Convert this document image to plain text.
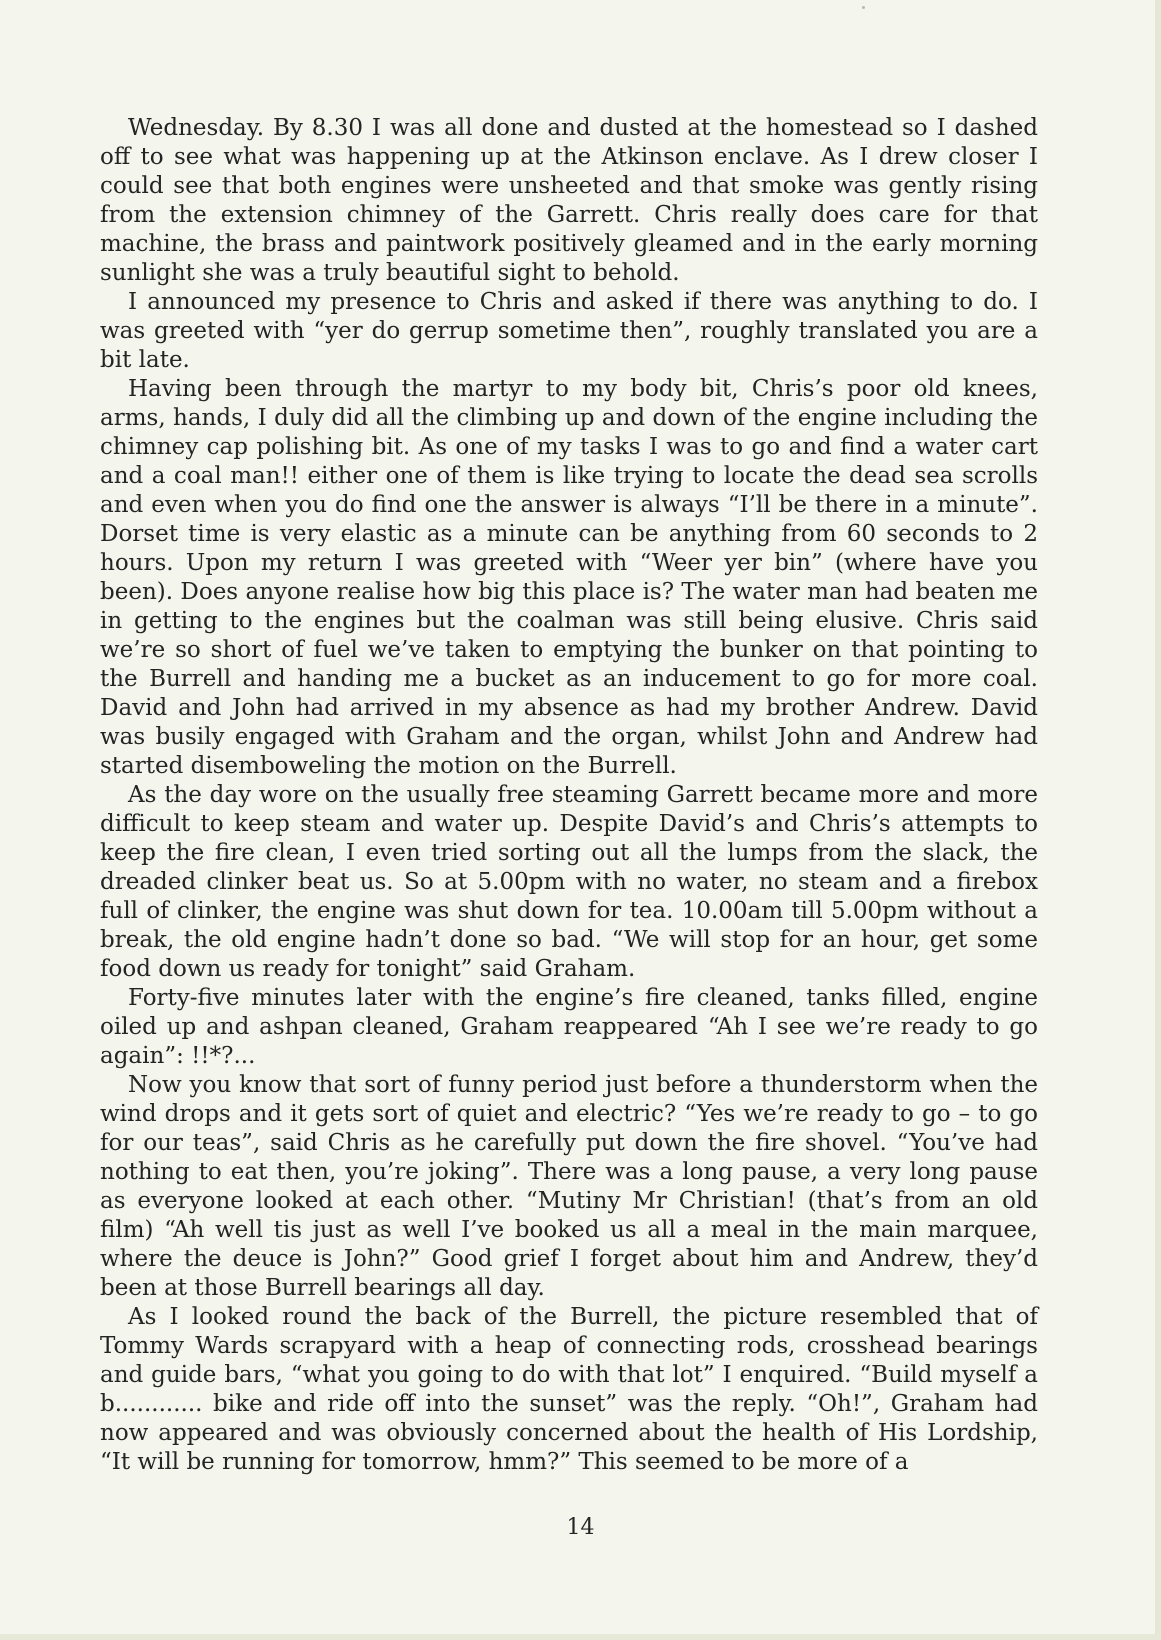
Wednesday. By 8.30 I was all done and dusted at the homestead so I dashed off to see what was happening up at the Atkinson enclave. As I drew closer I could see that both engines were unsheeted and that smoke was gently rising from the extension chimney of the Garrett. Chris really does care for that machine, the brass and paintwork positively gleamed and in the early morning sunlight she was a truly beautiful sight to behold.

I announced my presence to Chris and asked if there was anything to do. I was greeted with “yer do gerrup sometime then”, roughly translated you are a bit late.

Having been through the martyr to my body bit, Chris’s poor old knees, arms, hands, I duly did all the climbing up and down of the engine including the chimney cap polishing bit. As one of my tasks I was to go and find a water cart and a coal man!! either one of them is like trying to locate the dead sea scrolls and even when you do find one the answer is always “I’ll be there in a minute”. Dorset time is very elastic as a minute can be anything from 60 seconds to 2 hours. Upon my return I was greeted with “Weer yer bin” (where have you been). Does anyone realise how big this place is? The water man had beaten me in getting to the engines but the coalman was still being elusive. Chris said we’re so short of fuel we’ve taken to emptying the bunker on that pointing to the Burrell and handing me a bucket as an inducement to go for more coal. David and John had arrived in my absence as had my brother Andrew. David was busily engaged with Graham and the organ, whilst John and Andrew had started disemboweling the motion on the Burrell.

As the day wore on the usually free steaming Garrett became more and more difficult to keep steam and water up. Despite David’s and Chris’s attempts to keep the fire clean, I even tried sorting out all the lumps from the slack, the dreaded clinker beat us. So at 5.00pm with no water, no steam and a firebox full of clinker, the engine was shut down for tea. 10.00am till 5.00pm without a break, the old engine hadn’t done so bad. “We will stop for an hour, get some food down us ready for tonight” said Graham.

Forty-five minutes later with the engine’s fire cleaned, tanks filled, engine oiled up and ashpan cleaned, Graham reappeared “Ah I see we’re ready to go again”: !!*?...

Now you know that sort of funny period just before a thunderstorm when the wind drops and it gets sort of quiet and electric? “Yes we’re ready to go – to go for our teas”, said Chris as he carefully put down the fire shovel. “You’ve had nothing to eat then, you’re joking”. There was a long pause, a very long pause as everyone looked at each other. “Mutiny Mr Christian! (that’s from an old film) “Ah well tis just as well I’ve booked us all a meal in the main marquee, where the deuce is John?” Good grief I forget about him and Andrew, they’d been at those Burrell bearings all day.

As I looked round the back of the Burrell, the picture resembled that of Tommy Wards scrapyard with a heap of connecting rods, crosshead bearings and guide bars, “what you going to do with that lot” I enquired. “Build myself a b............ bike and ride off into the sunset” was the reply. “Oh!”, Graham had now appeared and was obviously concerned about the health of His Lordship, “It will be running for tomorrow, hmm?” This seemed to be more of a

14
